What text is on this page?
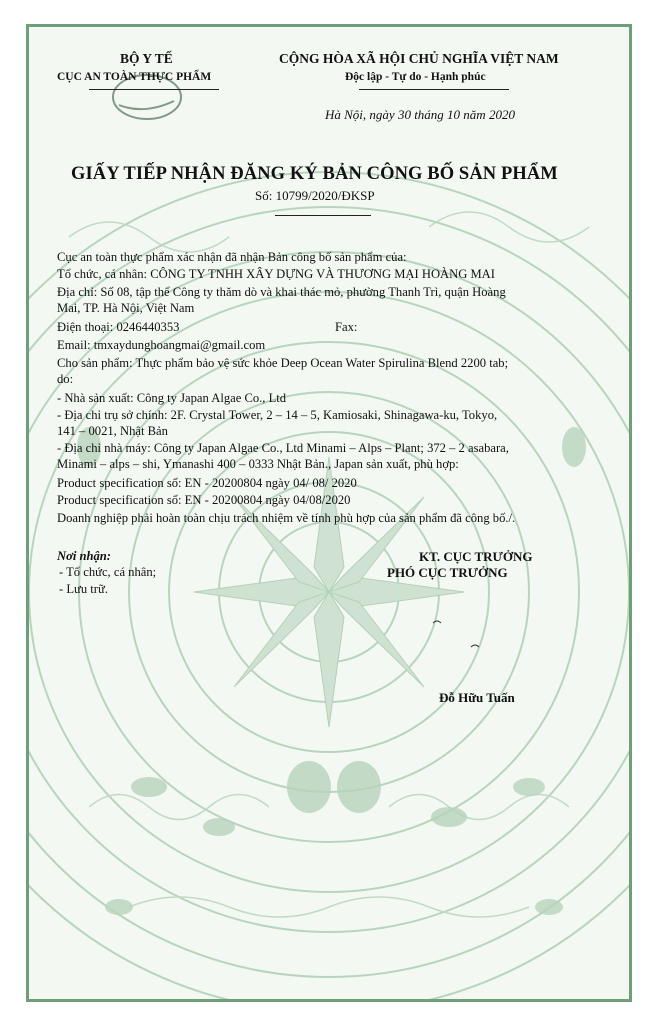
BỘ Y TẾ
CỤC AN TOÀN THỰC PHẨM
CỘNG HÒA XÃ HỘI CHỦ NGHĨA VIỆT NAM
Độc lập - Tự do - Hạnh phúc
Hà Nội, ngày 30 tháng 10 năm 2020
GIẤY TIẾP NHẬN ĐĂNG KÝ BẢN CÔNG BỐ SẢN PHẨM
Số: 10799/2020/ĐKSP
Cục an toàn thực phẩm xác nhận đã nhận Bản công bố sản phẩm của:
Tổ chức, cá nhân: CÔNG TY TNHH XÂY DỰNG VÀ THƯƠNG MẠI HOÀNG MAI
Địa chỉ: Số 08, tập thể Công ty thăm dò và khai thác mỏ, phường Thanh Trì, quận Hoàng
Mai, TP. Hà Nội, Việt Nam
Điện thoại: 0246440353	Fax:
Email: tmxaydunghoangmai@gmail.com
Cho sản phẩm: Thực phẩm bảo vệ sức khỏe Deep Ocean Water Spirulina Blend 2200 tab;
do:
- Nhà sản xuất: Công ty Japan Algae Co., Ltd
- Địa chỉ trụ sở chính: 2F. Crystal Tower, 2 – 14 – 5, Kamiosaki, Shinagawa-ku, Tokyo,
141 – 0021, Nhật Bản
- Địa chỉ nhà máy: Công ty Japan Algae Co., Ltd Minami – Alps – Plant; 372 – 2 asabara,
Minami – alps – shi, Ymanashi 400 – 0333 Nhật Bản., Japan sản xuất, phù hợp:
Product specification số: EN - 20200804 ngày 04/ 08/ 2020
Product specification số: EN - 20200804 ngày 04/08/2020
Doanh nghiệp phải hoàn toàn chịu trách nhiệm về tính phù hợp của sản phẩm đã công bố./.
Nơi nhận:
- Tổ chức, cá nhân;
- Lưu trữ.
KT. CỤC TRƯỞNG
PHÓ CỤC TRƯỞNG
Đỗ Hữu Tuấn
